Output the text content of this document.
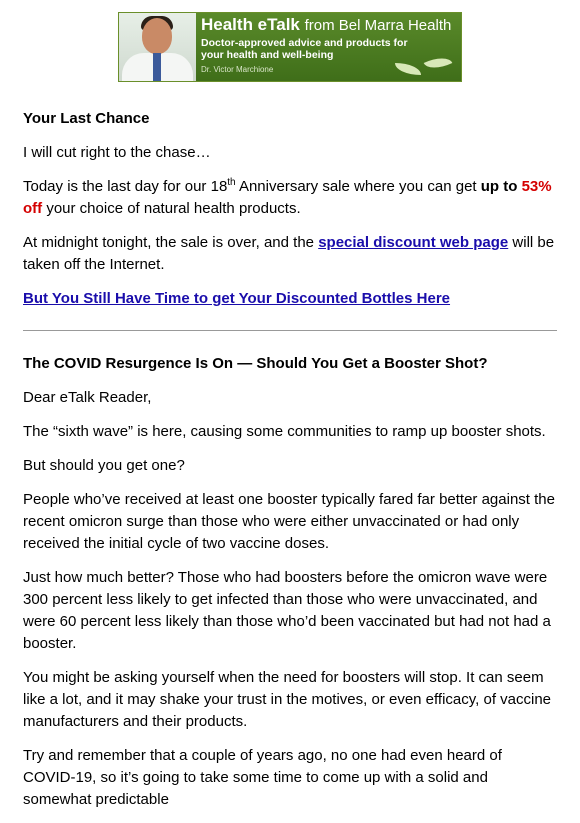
Health eTalk from Bel Marra Health
Doctor-approved advice and products for
your health and well-being
Dr. Victor Marchione
Your Last Chance

I will cut right to the chase…

Today is the last day for our 18th Anniversary sale where you can get up to 53% off your choice of natural health products.

At midnight tonight, the sale is over, and the special discount web page will be taken off the Internet.

But You Still Have Time to get Your Discounted Bottles Here

The COVID Resurgence Is On — Should You Get a Booster Shot?

Dear eTalk Reader,

The “sixth wave” is here, causing some communities to ramp up booster shots.

But should you get one?

People who’ve received at least one booster typically fared far better against the recent omicron surge than those who were either unvaccinated or had only received the initial cycle of two vaccine doses.

Just how much better? Those who had boosters before the omicron wave were 300 percent less likely to get infected than those who were unvaccinated, and were 60 percent less likely than those who’d been vaccinated but had not had a booster.

You might be asking yourself when the need for boosters will stop. It can seem like a lot, and it may shake your trust in the motives, or even efficacy, of vaccine manufacturers and their products.

Try and remember that a couple of years ago, no one had even heard of COVID-19, so it’s going to take some time to come up with a solid and somewhat predictable
